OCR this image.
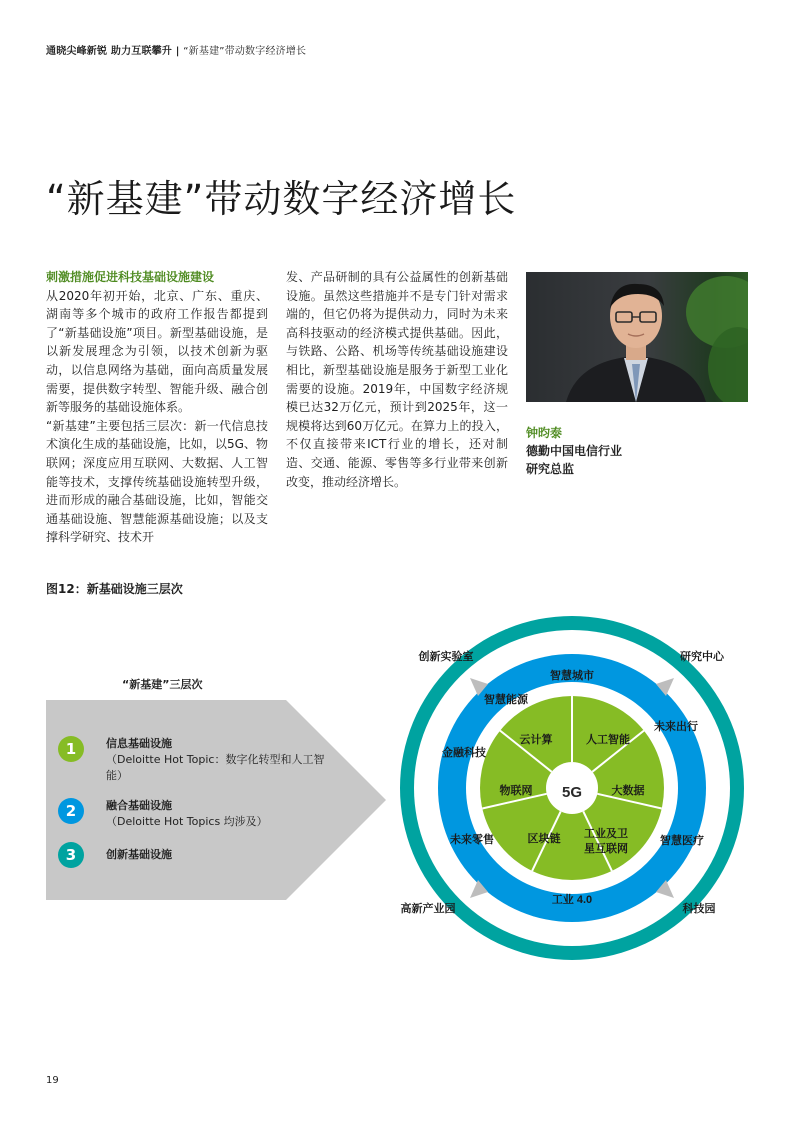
通晓尖峰新锐 助力互联攀升 | “新基建”带动数字经济增长
“新基建”带动数字经济增长
刺激措施促进科技基础设施建设

从2020年初开始，北京、广东、重庆、湖南等多个城市的政府工作报告都提到了“新基础设施”项目。新型基础设施，是以新发展理念为引领，以技术创新为驱动，以信息网络为基础，面向高质量发展需要，提供数字转型、智能升级、融合创新等服务的基础设施体系。

“新基建”主要包括三层次：新一代信息技术演化生成的基础设施，比如，以5G、物联网；深度应用互联网、大数据、人工智能等技术，支撑传统基础设施转型升级，进而形成的融合基础设施，比如，智能交通基础设施、智慧能源基础设施；以及支撑科学研究、技术开

发、产品研制的具有公益属性的创新基础设施。虽然这些措施并不是专门针对需求端的，但它仍将为提供动力，同时为未来高科技驱动的经济模式提供基础。因此，与铁路、公路、机场等传统基础设施建设相比，新型基础设施是服务于新型工业化需要的设施。2019年，中国数字经济规模已达32万亿元，预计到2025年，这一规模将达到60万亿元。在算力上的投入，不仅直接带来ICT行业的增长，还对制造、交通、能源、零售等多行业带来创新改变，推动经济增长。

钟昀泰
德勤中国电信行业
研究总监
图12：新基础设施三层次
“新基建”三层次
1	信息基础设施
（Deloitte Hot Topic：数字化转型和人工智能）
2	融合基础设施
（Deloitte Hot Topics 均涉及）
3	创新基础设施
5G
云计算	人工智能
大数据
工业及卫
星互联网
区块链
物联网
智慧城市
未来出行
智慧医疗
工业 4.0
未来零售
金融科技
智慧能源
创新实验室	研究中心
科技园
高新产业园
19
